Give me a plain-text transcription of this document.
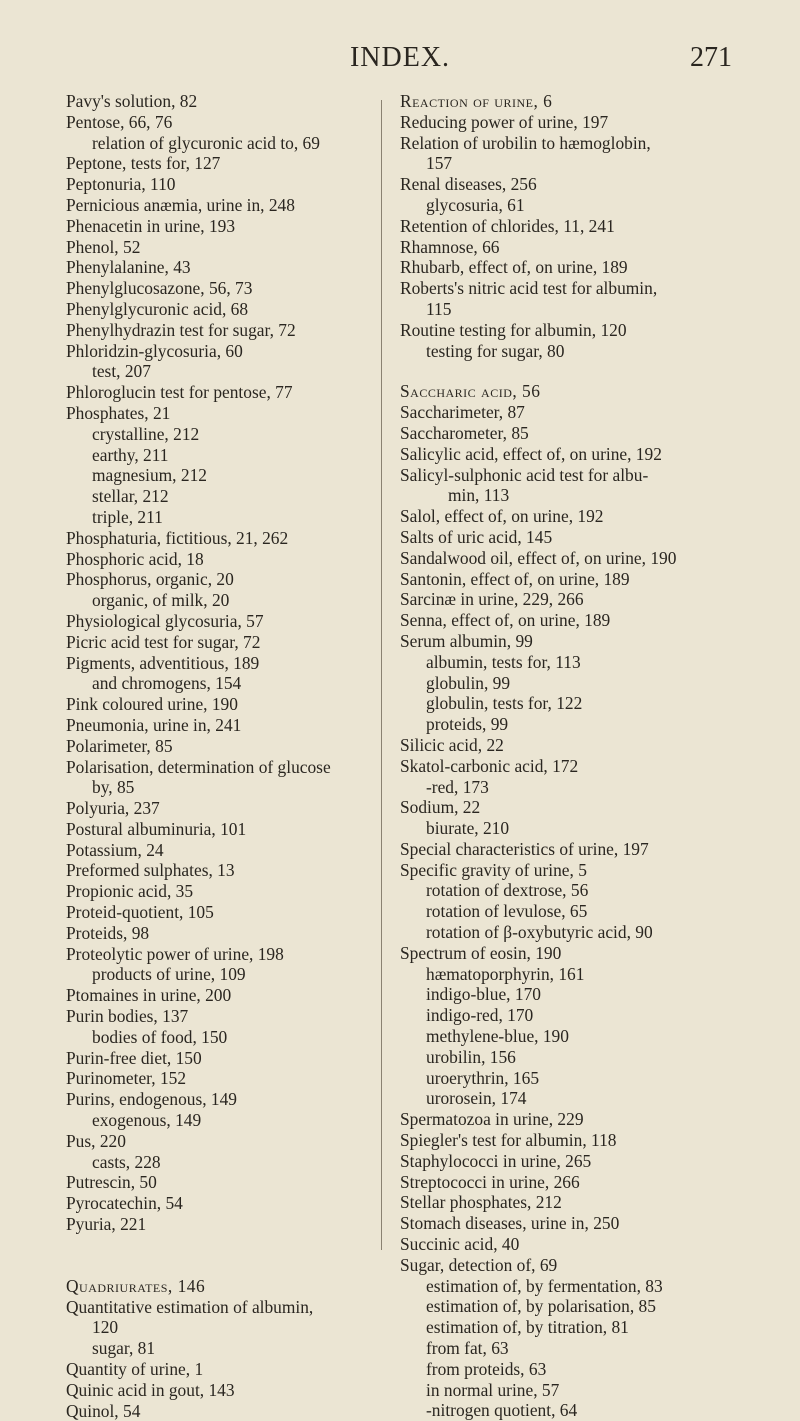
INDEX.	271
Pavy's solution, 82
Pentose, 66, 76
relation of glycuronic acid to, 69
Peptone, tests for, 127
Peptonuria, 110
Pernicious anæmia, urine in, 248
Phenacetin in urine, 193
Phenol, 52
Phenylalanine, 43
Phenylglucosazone, 56, 73
Phenylglycuronic acid, 68
Phenylhydrazin test for sugar, 72
Phloridzin-glycosuria, 60
test, 207
Phloroglucin test for pentose, 77
Phosphates, 21
crystalline, 212
earthy, 211
magnesium, 212
stellar, 212
triple, 211
Phosphaturia, fictitious, 21, 262
Phosphoric acid, 18
Phosphorus, organic, 20
organic, of milk, 20
Physiological glycosuria, 57
Picric acid test for sugar, 72
Pigments, adventitious, 189
and chromogens, 154
Pink coloured urine, 190
Pneumonia, urine in, 241
Polarimeter, 85
Polarisation, determination of glucose
by, 85
Polyuria, 237
Postural albuminuria, 101
Potassium, 24
Preformed sulphates, 13
Propionic acid, 35
Proteid-quotient, 105
Proteids, 98
Proteolytic power of urine, 198
products of urine, 109
Ptomaines in urine, 200
Purin bodies, 137
bodies of food, 150
Purin-free diet, 150
Purinometer, 152
Purins, endogenous, 149
exogenous, 149
Pus, 220
casts, 228
Putrescin, 50
Pyrocatechin, 54
Pyuria, 221
Quadriurates, 146
Quantitative estimation of albumin,
120
sugar, 81
Quantity of urine, 1
Quinic acid in gout, 143
Quinol, 54
Reaction of urine, 6
Reducing power of urine, 197
Relation of urobilin to hæmoglobin,
157
Renal diseases, 256
glycosuria, 61
Retention of chlorides, 11, 241
Rhamnose, 66
Rhubarb, effect of, on urine, 189
Roberts's nitric acid test for albumin,
115
Routine testing for albumin, 120
testing for sugar, 80
Saccharic acid, 56
Saccharimeter, 87
Saccharometer, 85
Salicylic acid, effect of, on urine, 192
Salicyl-sulphonic acid test for albu-
min, 113
Salol, effect of, on urine, 192
Salts of uric acid, 145
Sandalwood oil, effect of, on urine, 190
Santonin, effect of, on urine, 189
Sarcinæ in urine, 229, 266
Senna, effect of, on urine, 189
Serum albumin, 99
albumin, tests for, 113
globulin, 99
globulin, tests for, 122
proteids, 99
Silicic acid, 22
Skatol-carbonic acid, 172
-red, 173
Sodium, 22
biurate, 210
Special characteristics of urine, 197
Specific gravity of urine, 5
rotation of dextrose, 56
rotation of levulose, 65
rotation of β-oxybutyric acid, 90
Spectrum of eosin, 190
hæmatoporphyrin, 161
indigo-blue, 170
indigo-red, 170
methylene-blue, 190
urobilin, 156
uroerythrin, 165
urorosein, 174
Spermatozoa in urine, 229
Spiegler's test for albumin, 118
Staphylococci in urine, 265
Streptococci in urine, 266
Stellar phosphates, 212
Stomach diseases, urine in, 250
Succinic acid, 40
Sugar, detection of, 69
estimation of, by fermentation, 83
estimation of, by polarisation, 85
estimation of, by titration, 81
from fat, 63
from proteids, 63
in normal urine, 57
-nitrogen quotient, 64
